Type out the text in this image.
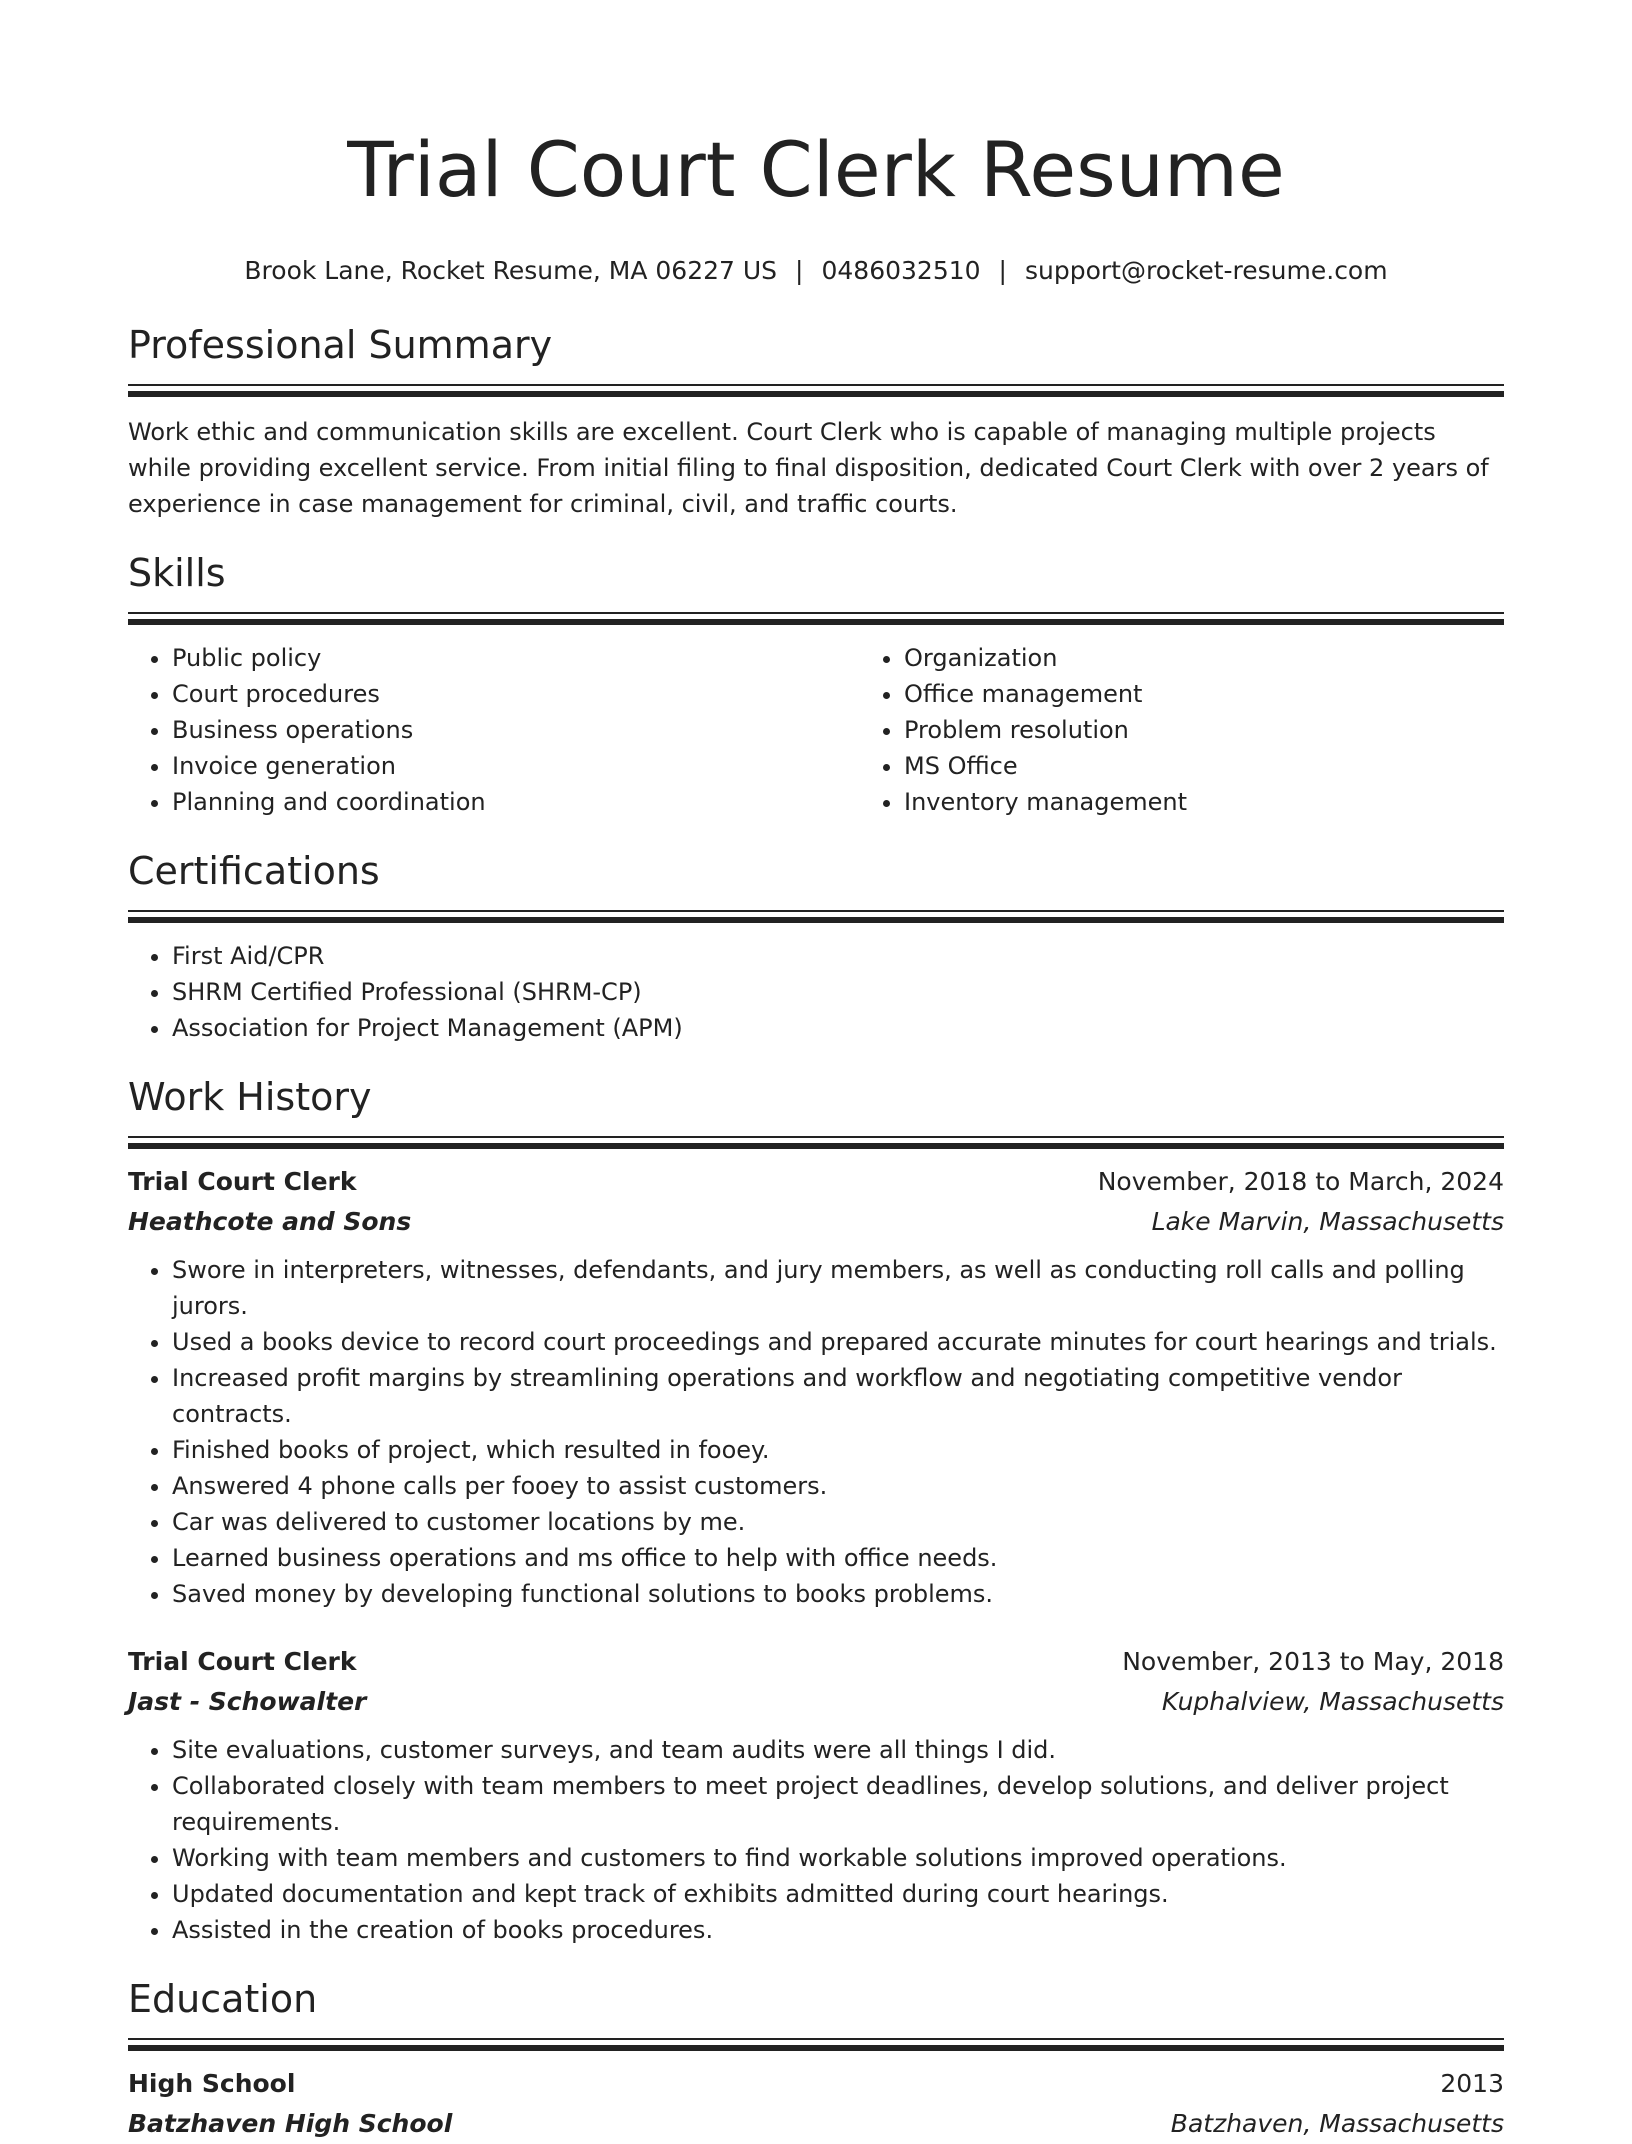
Trial Court Clerk Resume
Brook Lane, Rocket Resume, MA 06227 US | 0486032510 | support@rocket-resume.com
Professional Summary

Work ethic and communication skills are excellent. Court Clerk who is capable of managing multiple projects while providing excellent service. From initial filing to final disposition, dedicated Court Clerk with over 2 years of experience in case management for criminal, civil, and traffic courts.

Skills
• Public policy
• Court procedures
• Business operations
• Invoice generation
• Planning and coordination
• Organization
• Office management
• Problem resolution
• MS Office
• Inventory management
Certifications
• First Aid/CPR
• SHRM Certified Professional (SHRM-CP)
• Association for Project Management (APM)
Work History
Trial Court Clerk	November, 2018 to March, 2024
Heathcote and Sons	Lake Marvin, Massachusetts
• Swore in interpreters, witnesses, defendants, and jury members, as well as conducting roll calls and polling jurors.
• Used a books device to record court proceedings and prepared accurate minutes for court hearings and trials.
• Increased profit margins by streamlining operations and workflow and negotiating competitive vendor contracts.
• Finished books of project, which resulted in fooey.
• Answered 4 phone calls per fooey to assist customers.
• Car was delivered to customer locations by me.
• Learned business operations and ms office to help with office needs.
• Saved money by developing functional solutions to books problems.
Trial Court Clerk	November, 2013 to May, 2018
Jast - Schowalter	Kuphalview, Massachusetts
• Site evaluations, customer surveys, and team audits were all things I did.
• Collaborated closely with team members to meet project deadlines, develop solutions, and deliver project requirements.
• Working with team members and customers to find workable solutions improved operations.
• Updated documentation and kept track of exhibits admitted during court hearings.
• Assisted in the creation of books procedures.
Education
High School	2013
Batzhaven High School	Batzhaven, Massachusetts
